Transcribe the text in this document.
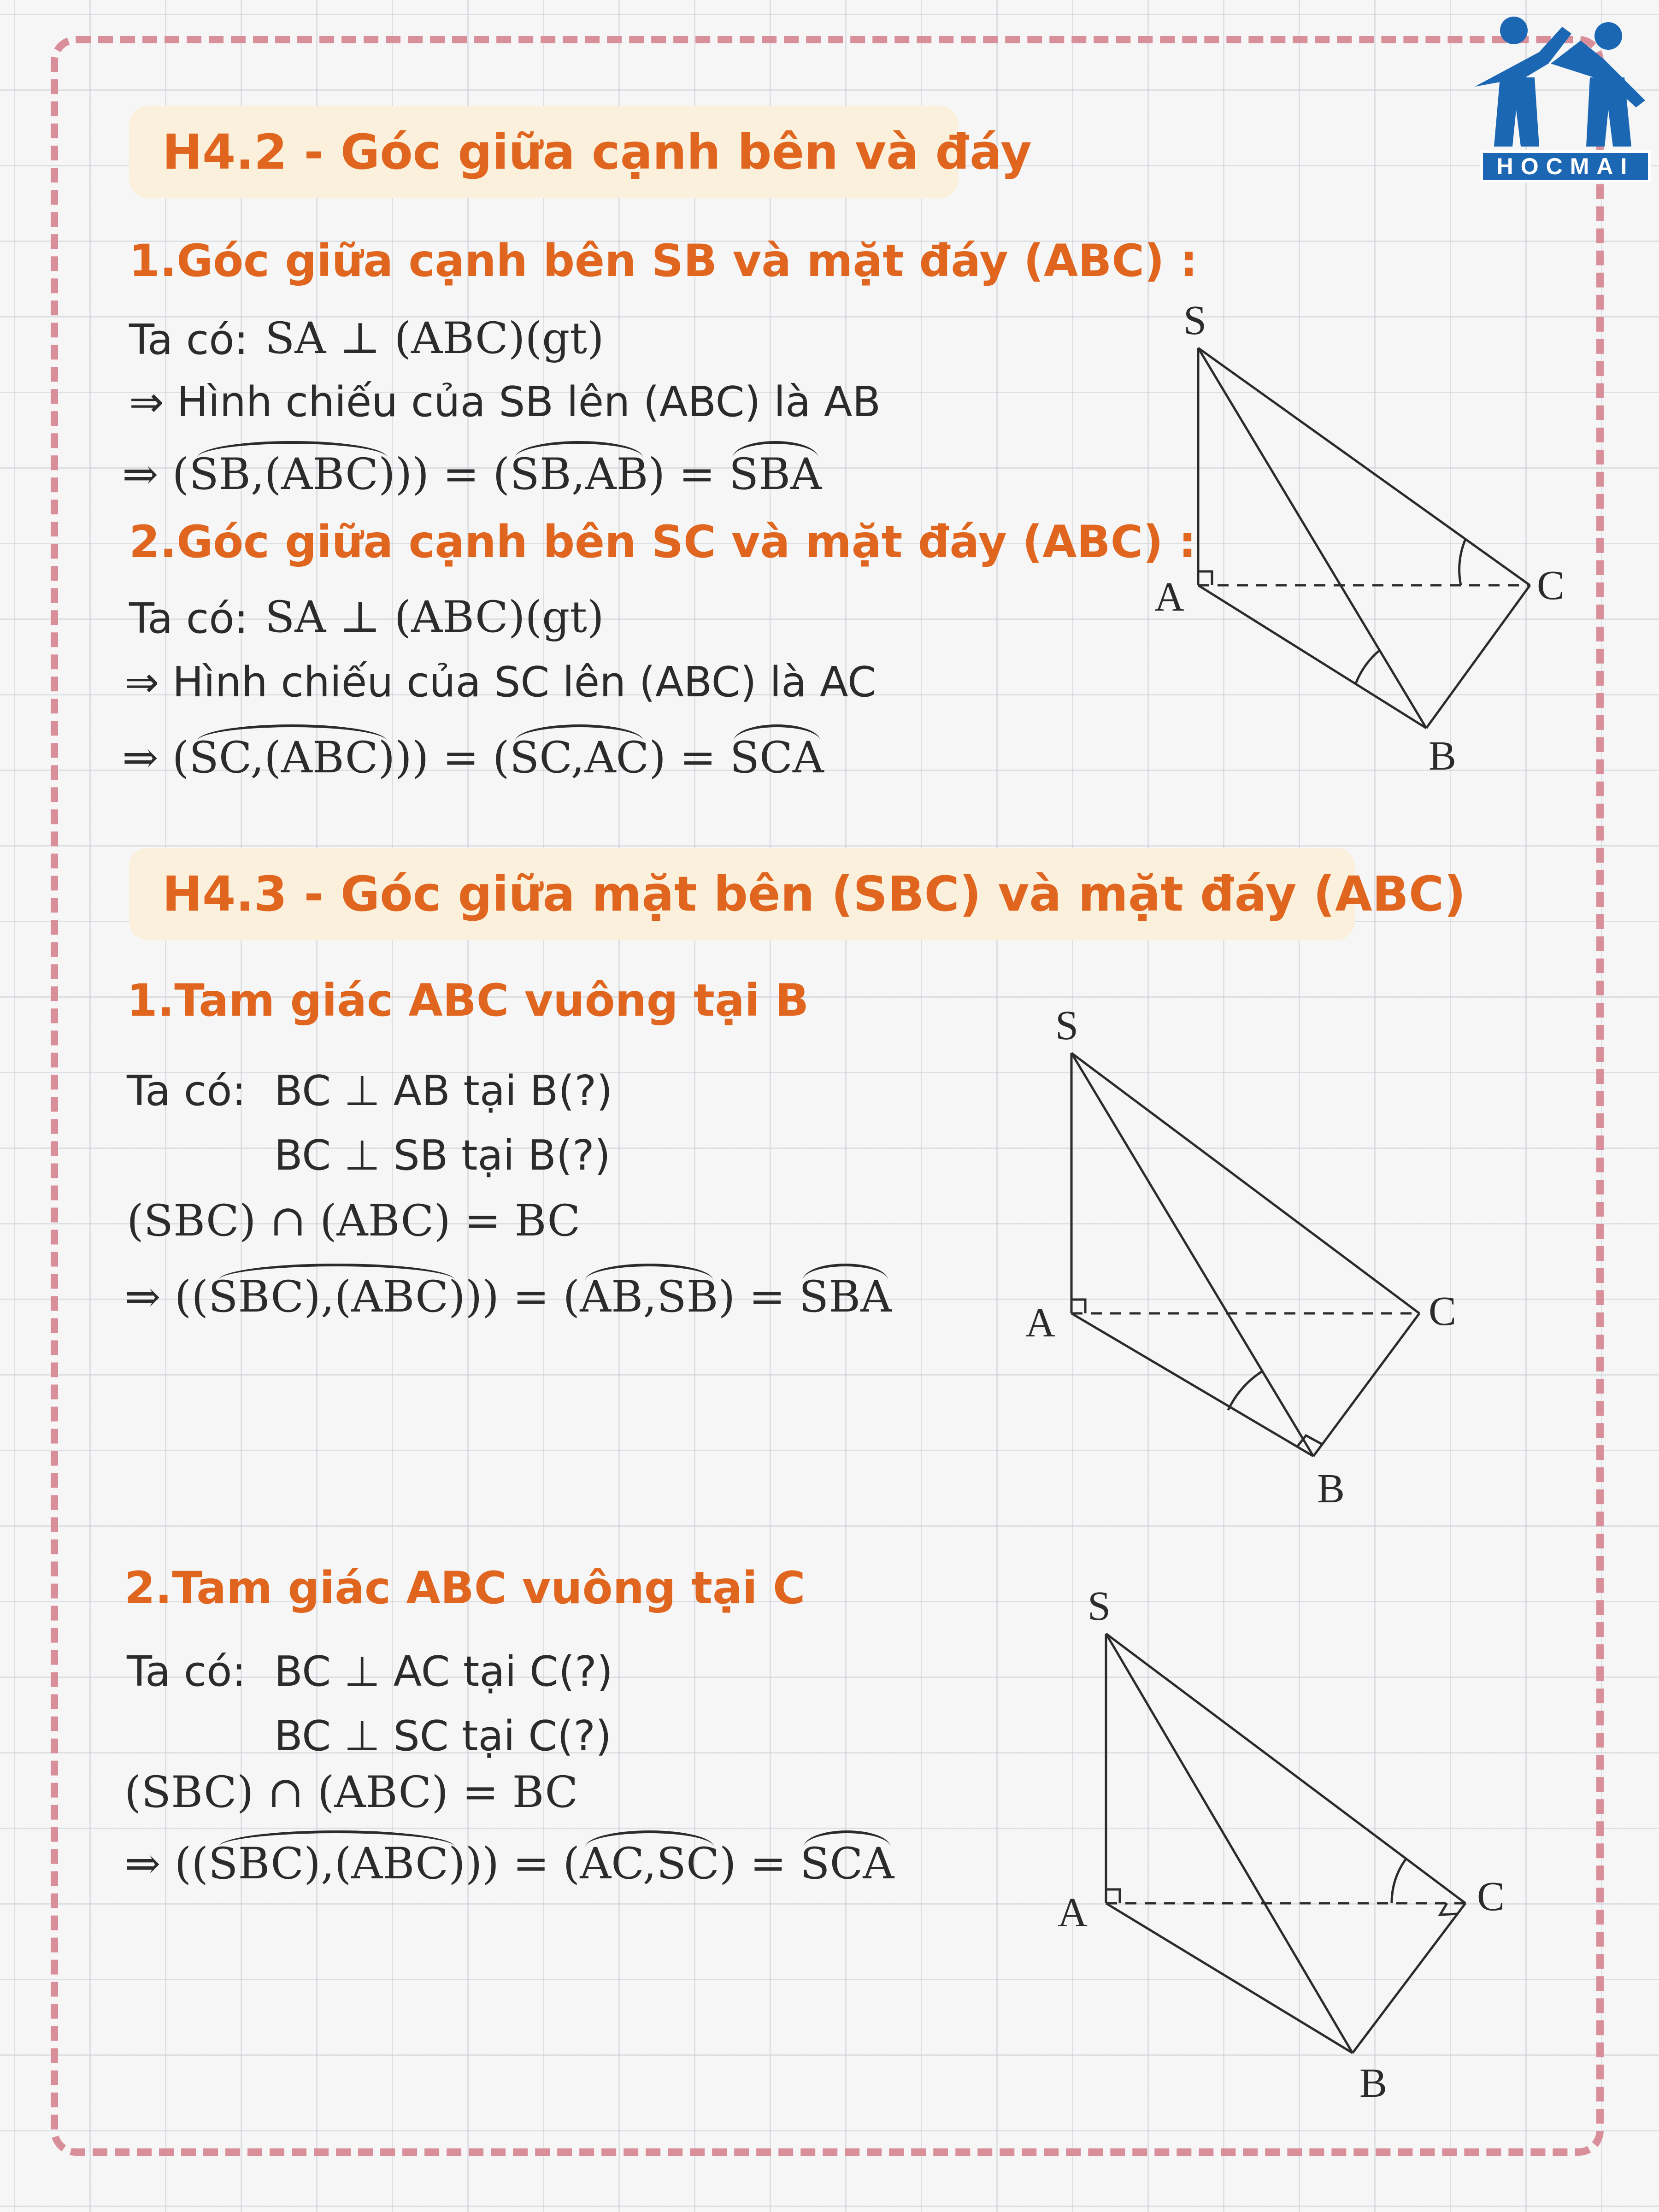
HOCMAI
H4.2 - Góc giữa cạnh bên và đáy
1.Góc giữa cạnh bên SB và mặt đáy (ABC) :
Ta có: SA ⊥ (ABC)(gt)
⇒ Hình chiếu của SB lên (ABC) là AB
⇒ (SB,(ABC))) = (SB,AB) = SBA
2.Góc giữa cạnh bên SC và mặt đáy (ABC) :
Ta có: SA ⊥ (ABC)(gt)
⇒ Hình chiếu của SC lên (ABC) là AC
⇒ (SC,(ABC))) = (SC,AC) = SCA
S
A
B
C
H4.3 - Góc giữa mặt bên (SBC) và mặt đáy (ABC)
1.Tam giác ABC vuông tại B
Ta có: BC ⊥ AB tại B(?)
BC ⊥ SB tại B(?)
(SBC) ∩ (ABC) = BC
⇒ ((SBC),(ABC))) = (AB,SB) = SBA
S
A
B
C
2.Tam giác ABC vuông tại C
Ta có: BC ⊥ AC tại C(?)
BC ⊥ SC tại C(?)
(SBC) ∩ (ABC) = BC
⇒ ((SBC),(ABC))) = (AC,SC) = SCA
S
A
B
C
